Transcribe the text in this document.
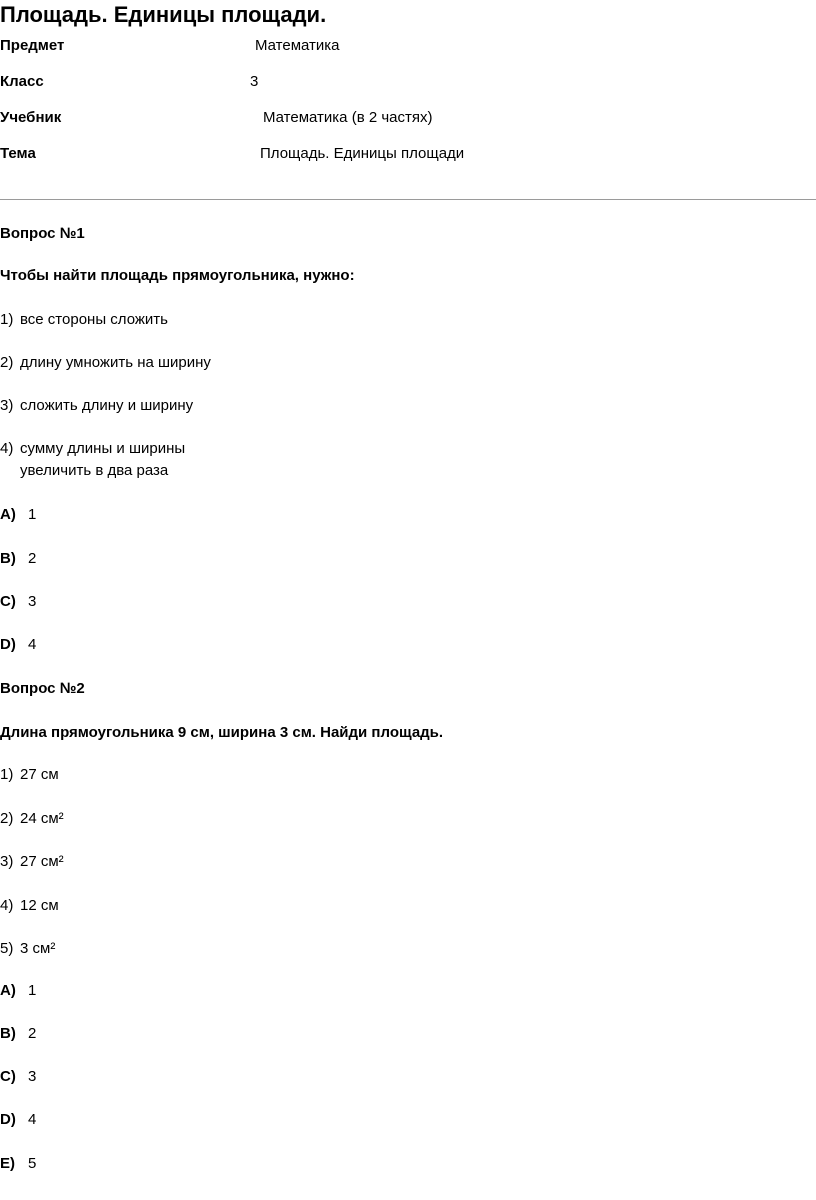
Площадь. Единицы площади.
Предмет	Математика
Класс	3
Учебник	Математика (в 2 частях)
Тема	Площадь. Единицы площади
Вопрос №1
Чтобы найти площадь прямоугольника, нужно:
1) все стороны сложить
2) длину умножить на ширину
3) сложить длину и ширину
4) сумму длины и ширины
увеличить в два раза
A) 1
B) 2
C) 3
D) 4
Вопрос №2
Длина прямоугольника 9 см, ширина 3 см. Найди площадь.
1) 27 см
2) 24 см²
3) 27 см²
4) 12 см
5) 3 см²
A) 1
B) 2
C) 3
D) 4
E) 5
